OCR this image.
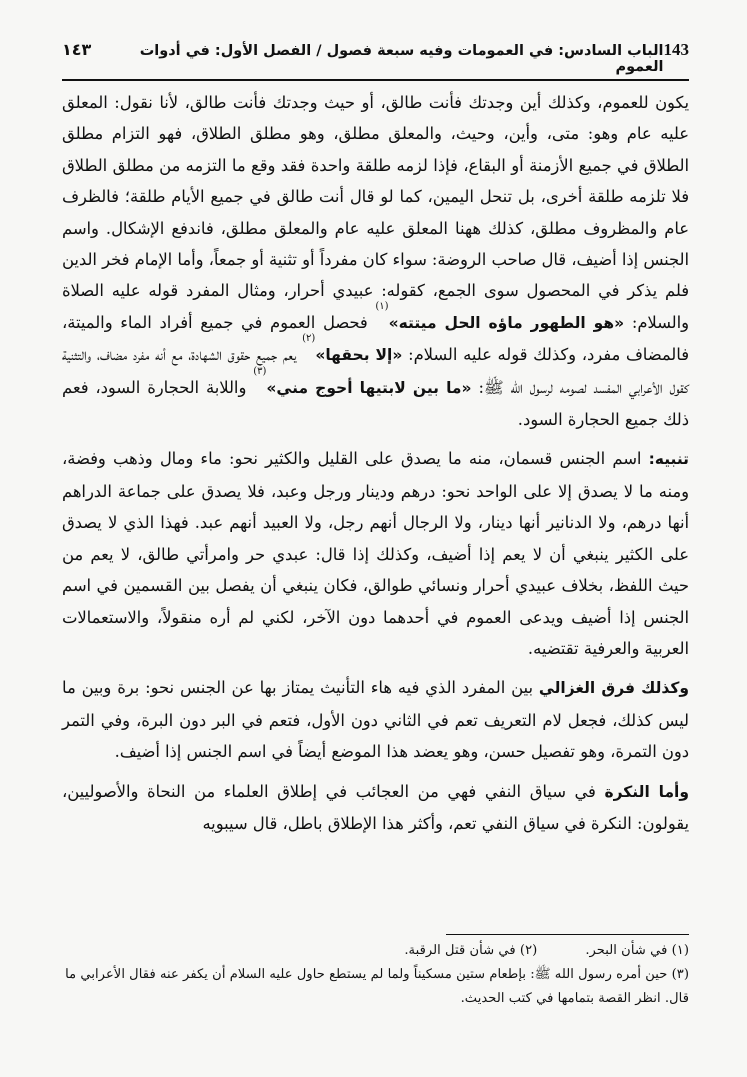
143
الباب السادس: في العمومات وفيه سبعة فصول / الفصل الأول: في أدوات العموم
١٤٣

يكون للعموم، وكذلك أين وجدتك فأنت طالق، أو حيث وجدتك فأنت طالق، لأنا نقول: المعلق عليه عام وهو: متى، وأين، وحيث، والمعلق مطلق، وهو مطلق الطلاق، فهو التزام مطلق الطلاق في جميع الأزمنة أو البقاع، فإذا لزمه طلقة واحدة فقد وقع ما التزمه من مطلق الطلاق فلا تلزمه طلقة أخرى، بل تنحل اليمين، كما لو قال أنت طالق في جميع الأيام طلقة؛ فالظرف عام والمظروف مطلق، كذلك ههنا المعلق عليه عام والمعلق مطلق، فاندفع الإشكال. واسم الجنس إذا أضيف، قال صاحب الروضة: سواء كان مفرداً أو تثنية أو جمعاً، وأما الإمام فخر الدين فلم يذكر في المحصول سوى الجمع، كقوله: عبيدي أحرار، ومثال المفرد قوله عليه الصلاة والسلام: «هو الطهور ماؤه الحل ميتته»$^{(١)}$ فحصل العموم في جميع أفراد الماء والميتة، فالمضاف مفرد، وكذلك قوله عليه السلام: «إلا بحقها»$^{(٢)}$ يعم جميع حقوق الشهادة، مع أنه مفرد مضاف، والتثنية كقول الأعرابي المفسد لصومه لرسول الله ﷺ: «ما بين لابتيها أحوج مني»$^{(٣)}$ واللابة الحجارة السود، فعم ذلك جميع الحجارة السود.

تنبيه: اسم الجنس قسمان، منه ما يصدق على القليل والكثير نحو: ماء ومال وذهب وفضة، ومنه ما لا يصدق إلا على الواحد نحو: درهم ودينار ورجل وعبد، فلا يصدق على جماعة الدراهم أنها درهم، ولا الدنانير أنها دينار، ولا الرجال أنهم رجل، ولا العبيد أنهم عبد. فهذا الذي لا يصدق على الكثير ينبغي أن لا يعم إذا أضيف، وكذلك إذا قال: عبدي حر وامرأتي طالق، لا يعم من حيث اللفظ، بخلاف عبيدي أحرار ونسائي طوالق، فكان ينبغي أن يفصل بين القسمين في اسم الجنس إذا أضيف ويدعى العموم في أحدهما دون الآخر، لكني لم أره منقولاً، والاستعمالات العربية والعرفية تقتضيه.

وكذلك فرق الغزالي بين المفرد الذي فيه هاء التأنيث يمتاز بها عن الجنس نحو: برة وبين ما ليس كذلك، فجعل لام التعريف تعم في الثاني دون الأول، فتعم في البر دون البرة، وفي التمر دون التمرة، وهو تفصيل حسن، وهو يعضد هذا الموضع أيضاً في اسم الجنس إذا أضيف.

وأما النكرة في سياق النفي فهي من العجائب في إطلاق العلماء من النحاة والأصوليين، يقولون: النكرة في سياق النفي تعم، وأكثر هذا الإطلاق باطل، قال سيبويه

(١) في شأن البحر.
(٢) في شأن قتل الرقبة.
(٣) حين أمره رسول الله ﷺ: بإطعام ستين مسكيناً ولما لم يستطع حاول عليه السلام أن يكفر عنه فقال الأعرابي ما قال. انظر القصة بتمامها في كتب الحديث.
